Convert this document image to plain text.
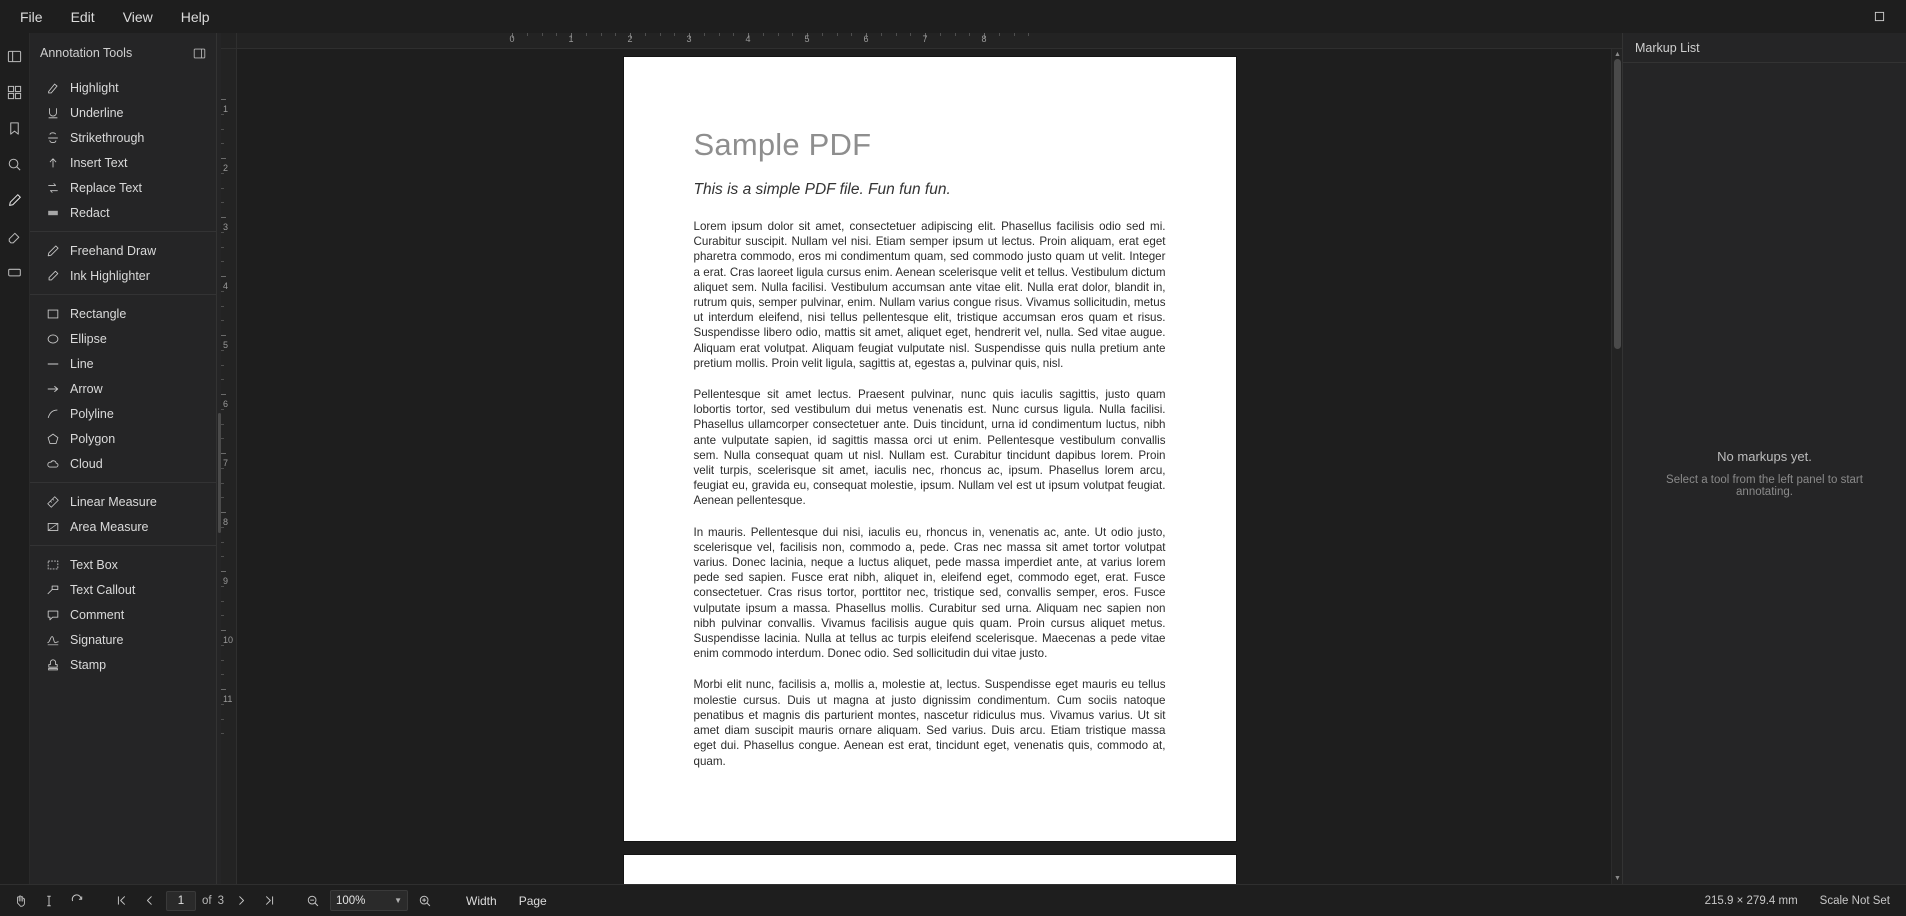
File	Edit	View	Help
Annotation Tools
Highlight
Underline
Strikethrough
Insert Text
Replace Text
Redact
Freehand Draw
Ink Highlighter
Rectangle
Ellipse
Line
Arrow
Polyline
Polygon
Cloud
Linear Measure
Area Measure
Text Box
Text Callout
Comment
Signature
Stamp
0	1	2	3	4	5	6	7	8
1
2
3
4
5
6
7
8
9
10
11
Sample PDF
This is a simple PDF file. Fun fun fun.

Lorem ipsum dolor sit amet, consectetuer adipiscing elit. Phasellus facilisis odio sed mi. Curabitur suscipit. Nullam vel nisi. Etiam semper ipsum ut lectus. Proin aliquam, erat eget pharetra commodo, eros mi condimentum quam, sed commodo justo quam ut velit. Integer a erat. Cras laoreet ligula cursus enim. Aenean scelerisque velit et tellus. Vestibulum dictum aliquet sem. Nulla facilisi. Vestibulum accumsan ante vitae elit. Nulla erat dolor, blandit in, rutrum quis, semper pulvinar, enim. Nullam varius congue risus. Vivamus sollicitudin, metus ut interdum eleifend, nisi tellus pellentesque elit, tristique accumsan eros quam et risus. Suspendisse libero odio, mattis sit amet, aliquet eget, hendrerit vel, nulla. Sed vitae augue. Aliquam erat volutpat. Aliquam feugiat vulputate nisl. Suspendisse quis nulla pretium ante pretium mollis. Proin velit ligula, sagittis at, egestas a, pulvinar quis, nisl.

Pellentesque sit amet lectus. Praesent pulvinar, nunc quis iaculis sagittis, justo quam lobortis tortor, sed vestibulum dui metus venenatis est. Nunc cursus ligula. Nulla facilisi. Phasellus ullamcorper consectetuer ante. Duis tincidunt, urna id condimentum luctus, nibh ante vulputate sapien, id sagittis massa orci ut enim. Pellentesque vestibulum convallis sem. Nulla consequat quam ut nisl. Nullam est. Curabitur tincidunt dapibus lorem. Proin velit turpis, scelerisque sit amet, iaculis nec, rhoncus ac, ipsum. Phasellus lorem arcu, feugiat eu, gravida eu, consequat molestie, ipsum. Nullam vel est ut ipsum volutpat feugiat. Aenean pellentesque.

In mauris. Pellentesque dui nisi, iaculis eu, rhoncus in, venenatis ac, ante. Ut odio justo, scelerisque vel, facilisis non, commodo a, pede. Cras nec massa sit amet tortor volutpat varius. Donec lacinia, neque a luctus aliquet, pede massa imperdiet ante, at varius lorem pede sed sapien. Fusce erat nibh, aliquet in, eleifend eget, commodo eget, erat. Fusce consectetuer. Cras risus tortor, porttitor nec, tristique sed, convallis semper, eros. Fusce vulputate ipsum a massa. Phasellus mollis. Curabitur sed urna. Aliquam nec sapien non nibh pulvinar convallis. Vivamus facilisis augue quis quam. Proin cursus aliquet metus. Suspendisse lacinia. Nulla at tellus ac turpis eleifend scelerisque. Maecenas a pede vitae enim commodo interdum. Donec odio. Sed sollicitudin dui vitae justo.

Morbi elit nunc, facilisis a, mollis a, molestie at, lectus. Suspendisse eget mauris eu tellus molestie cursus. Duis ut magna at justo dignissim condimentum. Cum sociis natoque penatibus et magnis dis parturient montes, nascetur ridiculus mus. Vivamus varius. Ut sit amet diam suscipit mauris ornare aliquam. Sed varius. Duis arcu. Etiam tristique massa eget dui. Phasellus congue. Aenean est erat, tincidunt eget, venenatis quis, commodo at, quam.

▲
▼
Markup List
No markups yet.
Select a tool from the left panel to start annotating.
1	of 3	100%	▼	Width	Page	215.9 × 279.4 mm Scale Not Set
